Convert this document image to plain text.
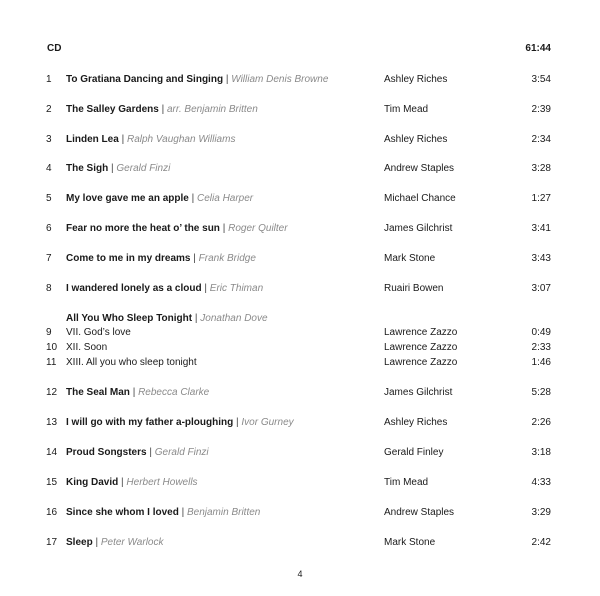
CD	61:44
1 To Gratiana Dancing and Singing | William Denis Browne	Ashley Riches	3:54
2 The Salley Gardens | arr. Benjamin Britten	Tim Mead	2:39
3 Linden Lea | Ralph Vaughan Williams	Ashley Riches	2:34
4 The Sigh | Gerald Finzi	Andrew Staples	3:28
5 My love gave me an apple | Celia Harper	Michael Chance	1:27
6 Fear no more the heat o’ the sun | Roger Quilter	James Gilchrist	3:41
7 Come to me in my dreams | Frank Bridge	Mark Stone	3:43
8 I wandered lonely as a cloud | Eric Thiman	Ruairi Bowen	3:07
All You Who Sleep Tonight | Jonathan Dove
9 VII. God’s love	Lawrence Zazzo	0:49
10 XII. Soon	Lawrence Zazzo	2:33
11 XIII. All you who sleep tonight	Lawrence Zazzo	1:46
12 The Seal Man | Rebecca Clarke	James Gilchrist	5:28
13 I will go with my father a-ploughing | Ivor Gurney	Ashley Riches	2:26
14 Proud Songsters | Gerald Finzi	Gerald Finley	3:18
15 King David | Herbert Howells	Tim Mead	4:33
16 Since she whom I loved | Benjamin Britten	Andrew Staples	3:29
17 Sleep | Peter Warlock	Mark Stone	2:42
4
